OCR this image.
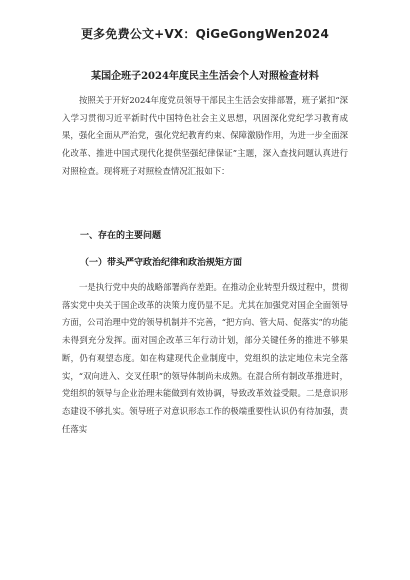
更多免费公文+VX：QiGeGongWen2024
某国企班子2024年度民主生活会个人对照检查材料

按照关于开好2024年度党员领导干部民主生活会安排部署，班子紧扣“深入学习贯彻习近平新时代中国特色社会主义思想，巩固深化党纪学习教育成果，强化全面从严治党，强化党纪教育约束、保障激励作用，为进一步全面深化改革、推进中国式现代化提供坚强纪律保证”主题，深入查找问题认真进行对照检查。现将班子对照检查情况汇报如下：

一、存在的主要问题
（一）带头严守政治纪律和政治规矩方面

一是执行党中央的战略部署尚存差距。在推动企业转型升级过程中，贯彻落实党中央关于国企改革的决策力度仍显不足。尤其在加强党对国企全面领导方面，公司治理中党的领导机制并不完善，“把方向、管大局、促落实”的功能未得到充分发挥。面对国企改革三年行动计划，部分关键任务的推进不够果断，仍有观望态度。如在构建现代企业制度中，党组织的法定地位未完全落实，“双向进入、交叉任职”的领导体制尚未成熟。在混合所有制改革推进时，党组织的领导与企业治理未能做到有效协调，导致改革效益受限。二是意识形态建设不够扎实。领导班子对意识形态工作的极端重要性认识仍有待加强，责任落实
